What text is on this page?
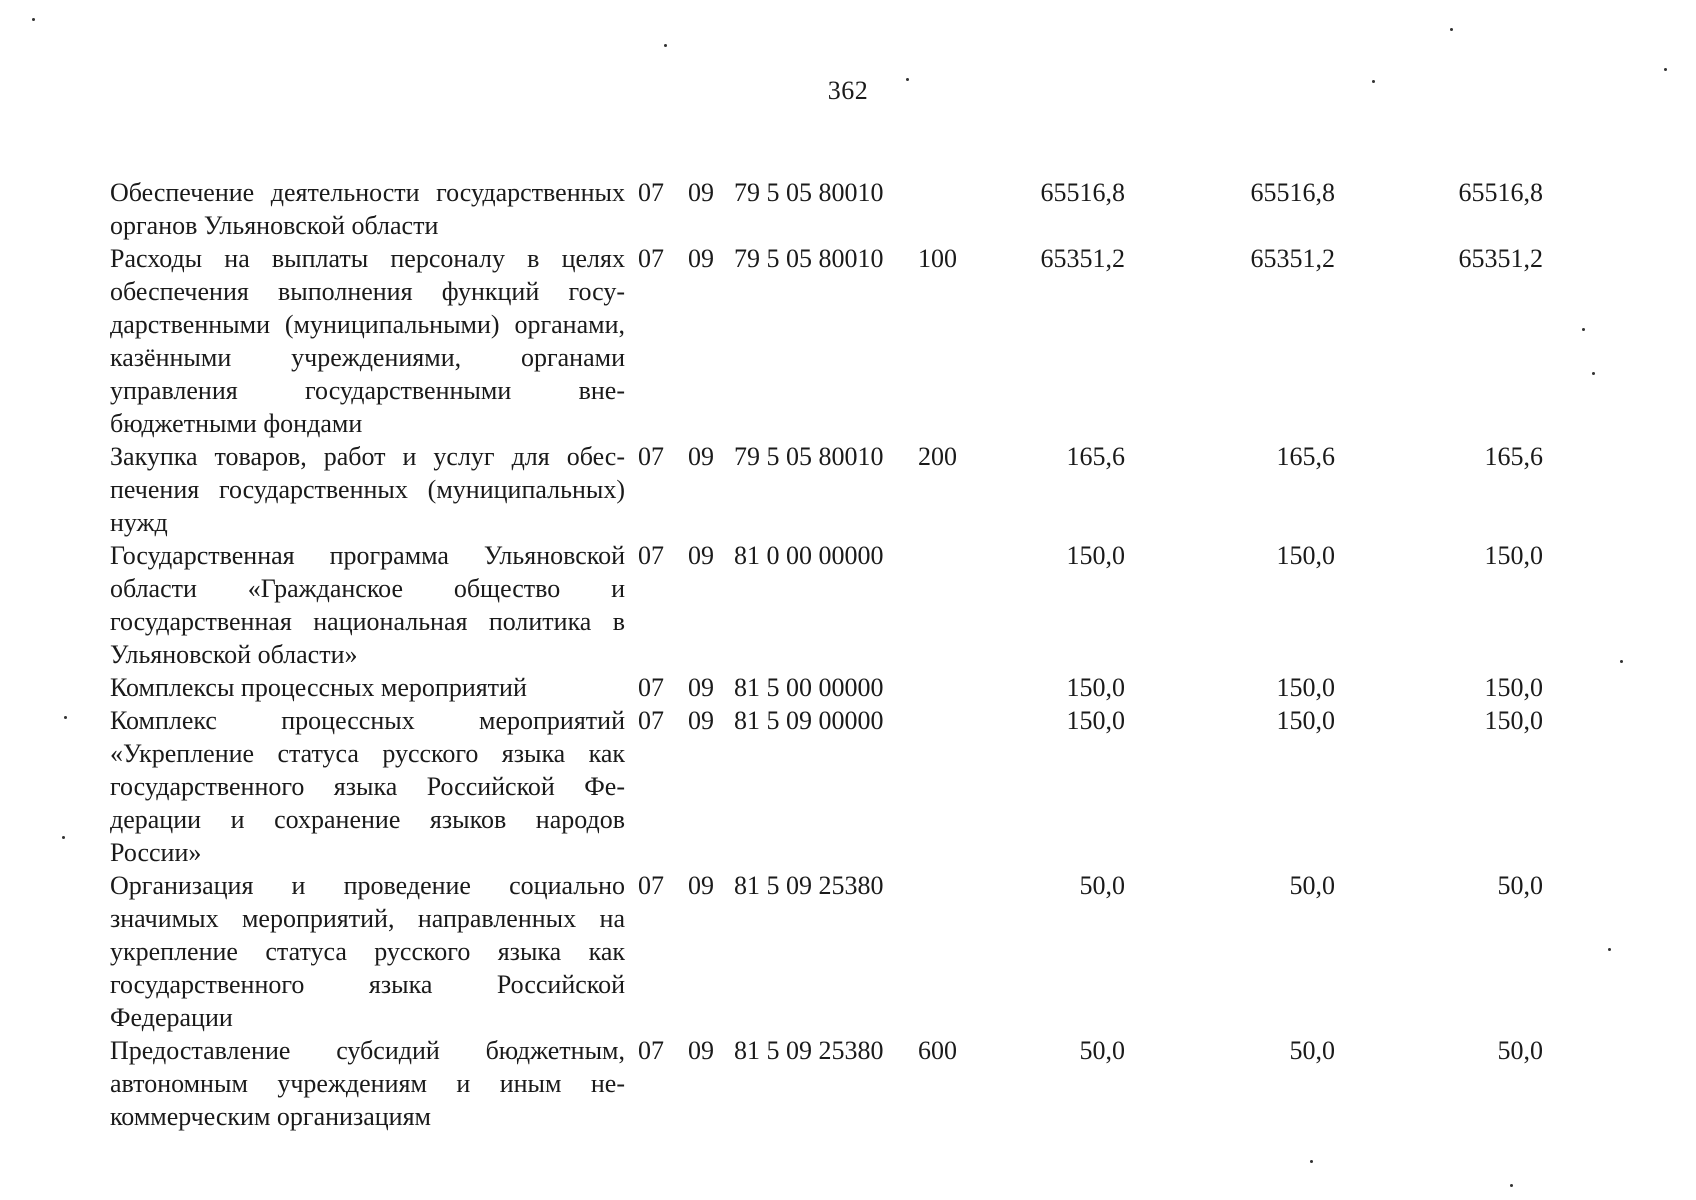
362
Обеспечение деятельности государственных органов Ульяновской области
07 09 79 5 05 80010	65516,8	65516,8	65516,8
Расходы на выплаты персоналу в целях обеспечения выполнения функций государственными (муниципальными) органами, казёнными учреждениями, органами управления государственными внебюджетными фондами
07 09 79 5 05 80010 100	65351,2	65351,2	65351,2
Закупка товаров, работ и услуг для обеспечения государственных (муниципальных) нужд
07 09 79 5 05 80010 200	165,6	165,6	165,6
Государственная программа Ульяновской области «Гражданское общество и государственная национальная политика в Ульяновской области»
07 09 81 0 00 00000	150,0	150,0	150,0
Комплексы процессных мероприятий	07 09 81 5 00 00000	150,0	150,0	150,0
Комплекс процессных мероприятий «Укрепление статуса русского языка как государственного языка Российской Федерации и сохранение языков народов России»
07 09 81 5 09 00000	150,0	150,0	150,0
Организация и проведение социально значимых мероприятий, направленных на укрепление статуса русского языка как государственного языка Российской Федерации
07 09 81 5 09 25380	50,0	50,0	50,0
Предоставление субсидий бюджетным, автономным учреждениям и иным некоммерческим организациям
07 09 81 5 09 25380 600	50,0	50,0	50,0
